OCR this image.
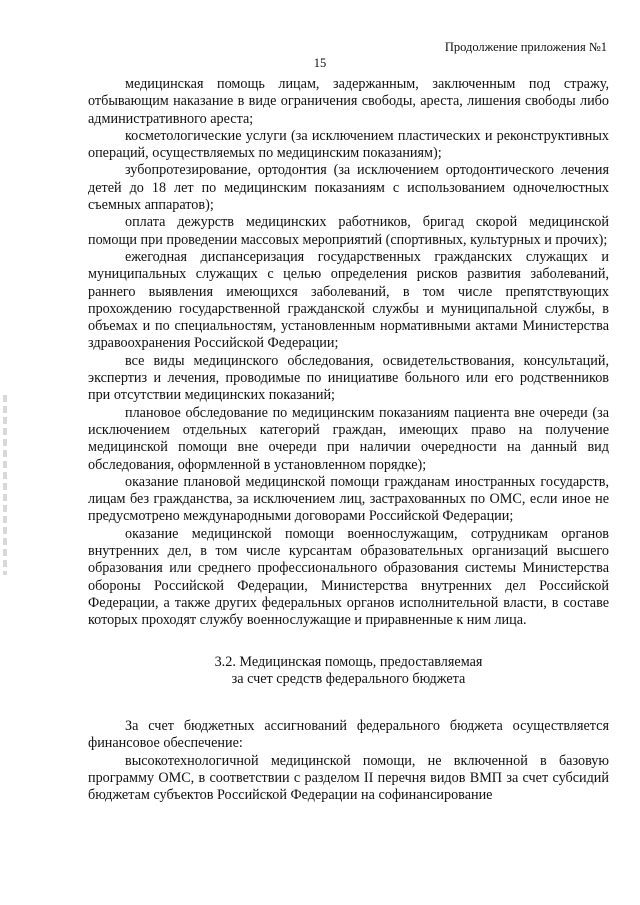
Продолжение приложения №1
15

медицинская помощь лицам, задержанным, заключенным под стражу, отбывающим наказание в виде ограничения свободы, ареста, лишения свободы либо административного ареста;

косметологические услуги (за исключением пластических и реконструктивных операций, осуществляемых по медицинским показаниям);

зубопротезирование, ортодонтия (за исключением ортодонтического лечения детей до 18 лет по медицинским показаниям с использованием одночелюстных съемных аппаратов);

оплата дежурств медицинских работников, бригад скорой медицинской помощи при проведении массовых мероприятий (спортивных, культурных и прочих);

ежегодная диспансеризация государственных гражданских служащих и муниципальных служащих с целью определения рисков развития заболеваний, раннего выявления имеющихся заболеваний, в том числе препятствующих прохождению государственной гражданской службы и муниципальной службы, в объемах и по специальностям, установленным нормативными актами Министерства здравоохранения Российской Федерации;

все виды медицинского обследования, освидетельствования, консультаций, экспертиз и лечения, проводимые по инициативе больного или его родственников при отсутствии медицинских показаний;

плановое обследование по медицинским показаниям пациента вне очереди (за исключением отдельных категорий граждан, имеющих право на получение медицинской помощи вне очереди при наличии очередности на данный вид обследования, оформленной в установленном порядке);

оказание плановой медицинской помощи гражданам иностранных государств, лицам без гражданства, за исключением лиц, застрахованных по ОМС, если иное не предусмотрено международными договорами Российской Федерации;

оказание медицинской помощи военнослужащим, сотрудникам органов внутренних дел, в том числе курсантам образовательных организаций высшего образования или среднего профессионального образования системы Министерства обороны Российской Федерации, Министерства внутренних дел Российской Федерации, а также других федеральных органов исполнительной власти, в составе которых проходят службу военнослужащие и приравненные к ним лица.

3.2. Медицинская помощь, предоставляемая
за счет средств федерального бюджета

За счет бюджетных ассигнований федерального бюджета осуществляется финансовое обеспечение:

высокотехнологичной медицинской помощи, не включенной в базовую программу ОМС, в соответствии с разделом II перечня видов ВМП за счет субсидий бюджетам субъектов Российской Федерации на софинансирование
